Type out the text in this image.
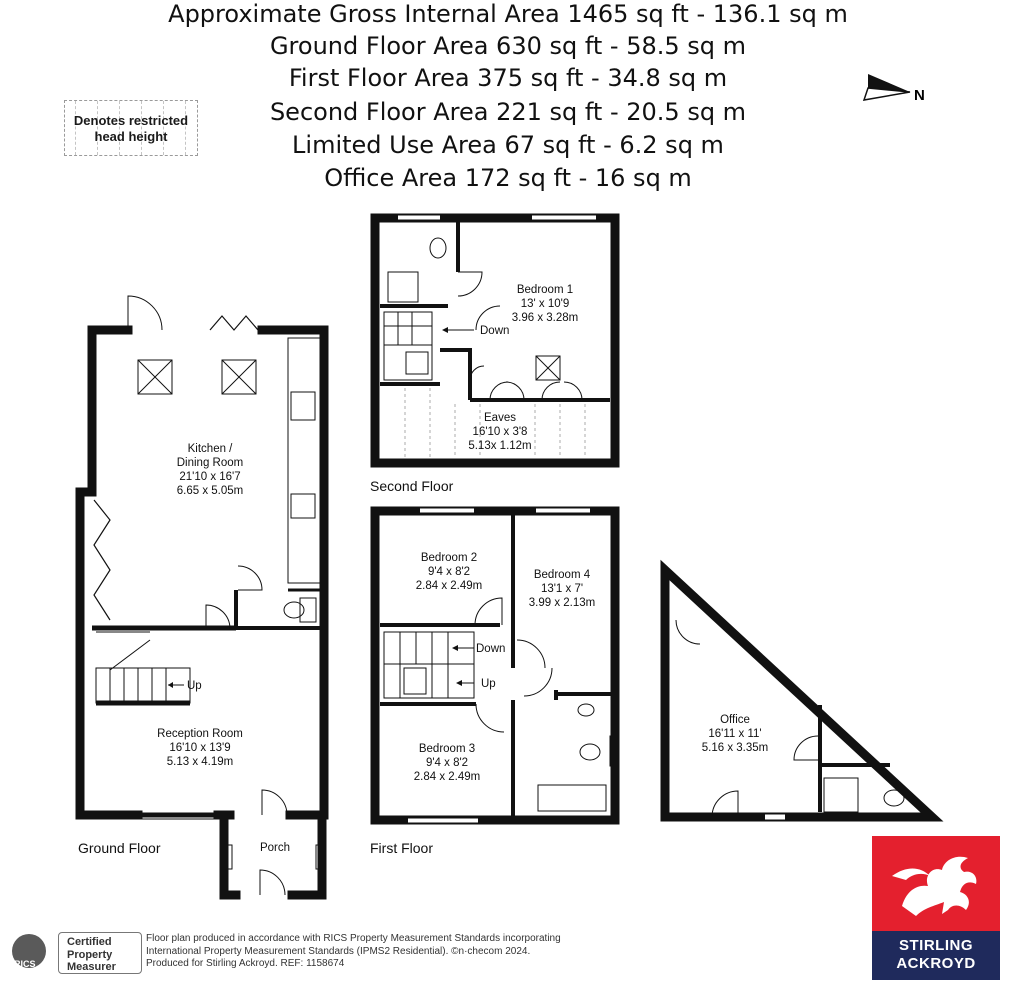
Approximate Gross Internal Area 1465 sq ft - 136.1 sq m
Ground Floor Area 630 sq ft - 58.5 sq m
First Floor Area 375 sq ft - 34.8 sq m
Second Floor Area 221 sq ft - 20.5 sq m
Limited Use Area 67 sq ft - 6.2 sq m
Office Area 172 sq ft - 16 sq m
Denotes restricted
head height
N
Kitchen /
Dining Room
21'10 x 16'7
6.65 x 5.05m
Reception Room
16'10 x 13'9
5.13 x 4.19m
Porch
Up
Ground Floor
Bedroom 1
13' x 10'9
3.96 x 3.28m
Down
Eaves
16'10 x 3'8
5.13x 1.12m
Second Floor
Bedroom 2
9'4 x 8'2
2.84 x 2.49m
Bedroom 4
13'1 x 7'
3.99 x 2.13m
Bedroom 3
9'4 x 8'2
2.84 x 2.49m
Down
Up
First Floor
Office
16'11 x 11'
5.16 x 3.35m
RICS
Certified
Property
Measurer
Floor plan produced in accordance with RICS Property Measurement Standards incorporating
International Property Measurement Standards (IPMS2 Residential). ©n·checom 2024.
Produced for Stirling Ackroyd. REF: 1158674
STIRLING
ACKROYD
